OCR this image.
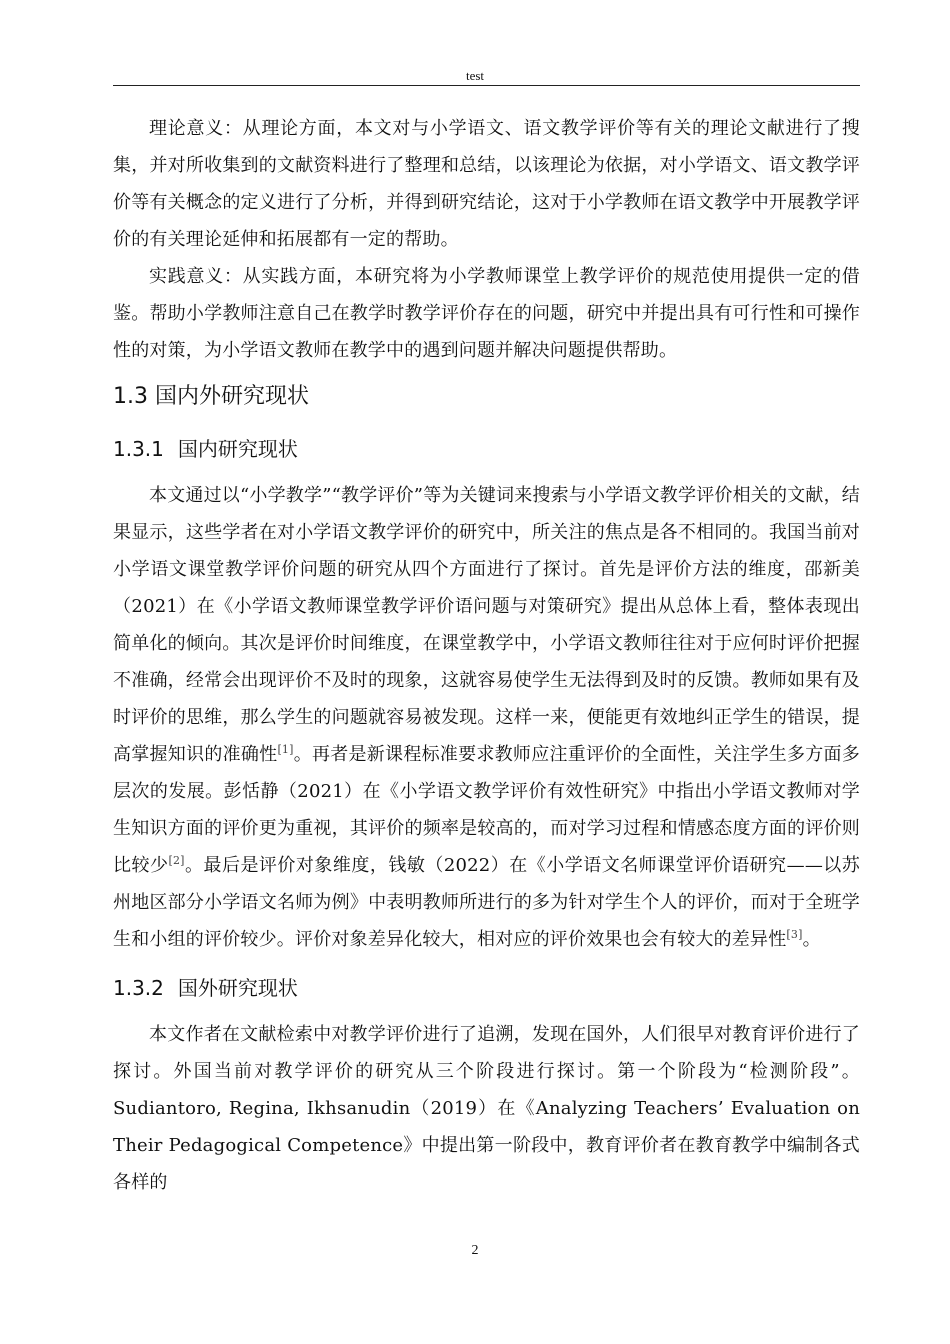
test

理论意义：从理论方面，本文对与小学语文、语文教学评价等有关的理论文献进行了搜集，并对所收集到的文献资料进行了整理和总结，以该理论为依据，对小学语文、语文教学评价等有关概念的定义进行了分析，并得到研究结论，这对于小学教师在语文教学中开展教学评价的有关理论延伸和拓展都有一定的帮助。

实践意义：从实践方面，本研究将为小学教师课堂上教学评价的规范使用提供一定的借鉴。帮助小学教师注意自己在教学时教学评价存在的问题，研究中并提出具有可行性和可操作性的对策，为小学语文教师在教学中的遇到问题并解决问题提供帮助。

1.3 国内外研究现状
1.3.1 国内研究现状

本文通过以“小学教学”“教学评价”等为关键词来搜索与小学语文教学评价相关的文献，结果显示，这些学者在对小学语文教学评价的研究中，所关注的焦点是各不相同的。我国当前对小学语文课堂教学评价问题的研究从四个方面进行了探讨。首先是评价方法的维度，邵新美（2021）在《小学语文教师课堂教学评价语问题与对策研究》提出从总体上看，整体表现出简单化的倾向。其次是评价时间维度，在课堂教学中，小学语文教师往往对于应何时评价把握不准确，经常会出现评价不及时的现象，这就容易使学生无法得到及时的反馈。教师如果有及时评价的思维，那么学生的问题就容易被发现。这样一来，便能更有效地纠正学生的错误，提高掌握知识的准确性[1]。再者是新课程标准要求教师应注重评价的全面性，关注学生多方面多层次的发展。彭恬静（2021）在《小学语文教学评价有效性研究》中指出小学语文教师对学生知识方面的评价更为重视，其评价的频率是较高的，而对学习过程和情感态度方面的评价则比较少[2]。最后是评价对象维度，钱敏（2022）在《小学语文名师课堂评价语研究——以苏州地区部分小学语文名师为例》中表明教师所进行的多为针对学生个人的评价，而对于全班学生和小组的评价较少。评价对象差异化较大，相对应的评价效果也会有较大的差异性[3]。

1.3.2 国外研究现状

本文作者在文献检索中对教学评价进行了追溯，发现在国外，人们很早对教育评价进行了探讨。外国当前对教学评价的研究从三个阶段进行探讨。第一个阶段为“检测阶段”。Sudiantoro, Regina, Ikhsanudin（2019）在《Analyzing Teachers’ Evaluation on Their Pedagogical Competence》中提出第一阶段中，教育评价者在教育教学中编制各式各样的

2
